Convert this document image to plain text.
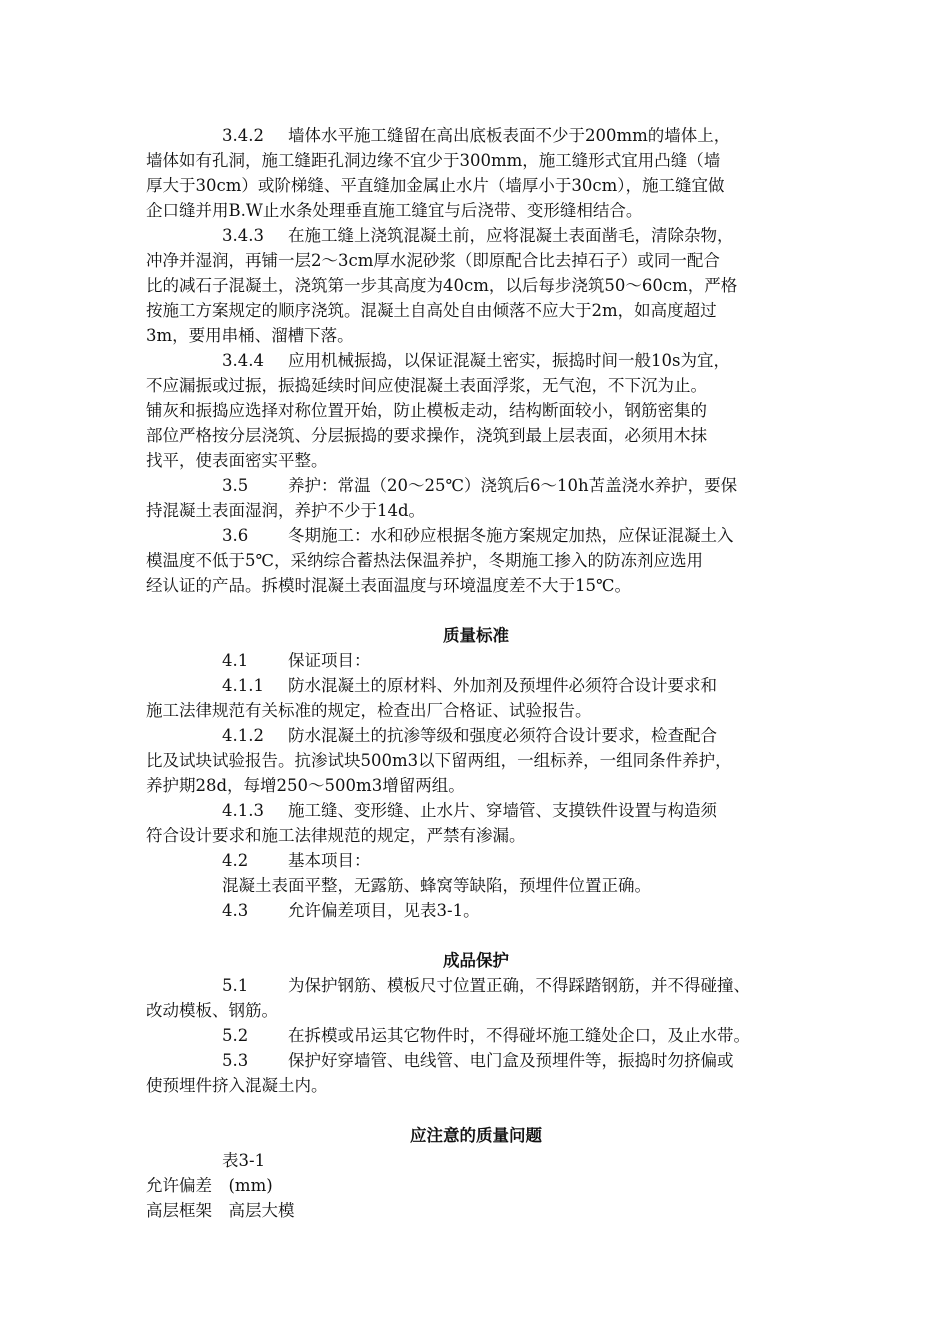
3.4.2 墙体水平施工缝留在高出底板表面不少于200mm的墙体上，
墙体如有孔洞，施工缝距孔洞边缘不宜少于300mm，施工缝形式宜用凸缝（墙
厚大于30cm）或阶梯缝、平直缝加金属止水片（墙厚小于30cm），施工缝宜做
企口缝并用B.W止水条处理垂直施工缝宜与后浇带、变形缝相结合。
3.4.3 在施工缝上浇筑混凝土前，应将混凝土表面凿毛，清除杂物，
冲净并湿润，再铺一层2～3cm厚水泥砂浆（即原配合比去掉石子）或同一配合
比的减石子混凝土，浇筑第一步其高度为40cm，以后每步浇筑50～60cm，严格
按施工方案规定的顺序浇筑。混凝土自高处自由倾落不应大于2m，如高度超过
3m，要用串桶、溜槽下落。
3.4.4 应用机械振捣，以保证混凝土密实，振捣时间一般10s为宜，
不应漏振或过振，振捣延续时间应使混凝土表面浮浆，无气泡，不下沉为止。
铺灰和振捣应选择对称位置开始，防止模板走动，结构断面较小，钢筋密集的
部位严格按分层浇筑、分层振捣的要求操作，浇筑到最上层表面，必须用木抹
找平，使表面密实平整。
3.5 养护：常温（20～25℃）浇筑后6～10h苫盖浇水养护，要保
持混凝土表面湿润，养护不少于14d。
3.6 冬期施工：水和砂应根据冬施方案规定加热，应保证混凝土入
模温度不低于5℃，采纳综合蓄热法保温养护，冬期施工掺入的防冻剂应选用
经认证的产品。拆模时混凝土表面温度与环境温度差不大于15℃。
质量标准
4.1 保证项目：
4.1.1 防水混凝土的原材料、外加剂及预埋件必须符合设计要求和
施工法律规范有关标准的规定，检查出厂合格证、试验报告。
4.1.2 防水混凝土的抗渗等级和强度必须符合设计要求，检查配合
比及试块试验报告。抗渗试块500m3以下留两组，一组标养，一组同条件养护，
养护期28d，每增250～500m3增留两组。
4.1.3 施工缝、变形缝、止水片、穿墙管、支摸铁件设置与构造须
符合设计要求和施工法律规范的规定，严禁有渗漏。
4.2 基本项目：
混凝土表面平整，无露筋、蜂窝等缺陷，预埋件位置正确。
4.3 允许偏差项目，见表3-1。
成品保护
5.1 为保护钢筋、模板尺寸位置正确，不得踩踏钢筋，并不得碰撞、
改动模板、钢筋。
5.2 在拆模或吊运其它物件时，不得碰坏施工缝处企口，及止水带。
5.3 保护好穿墙管、电线管、电门盒及预埋件等，振捣时勿挤偏或
使预埋件挤入混凝土内。
应注意的质量问题
表3-1
允许偏差　(mm)
高层框架　高层大模
